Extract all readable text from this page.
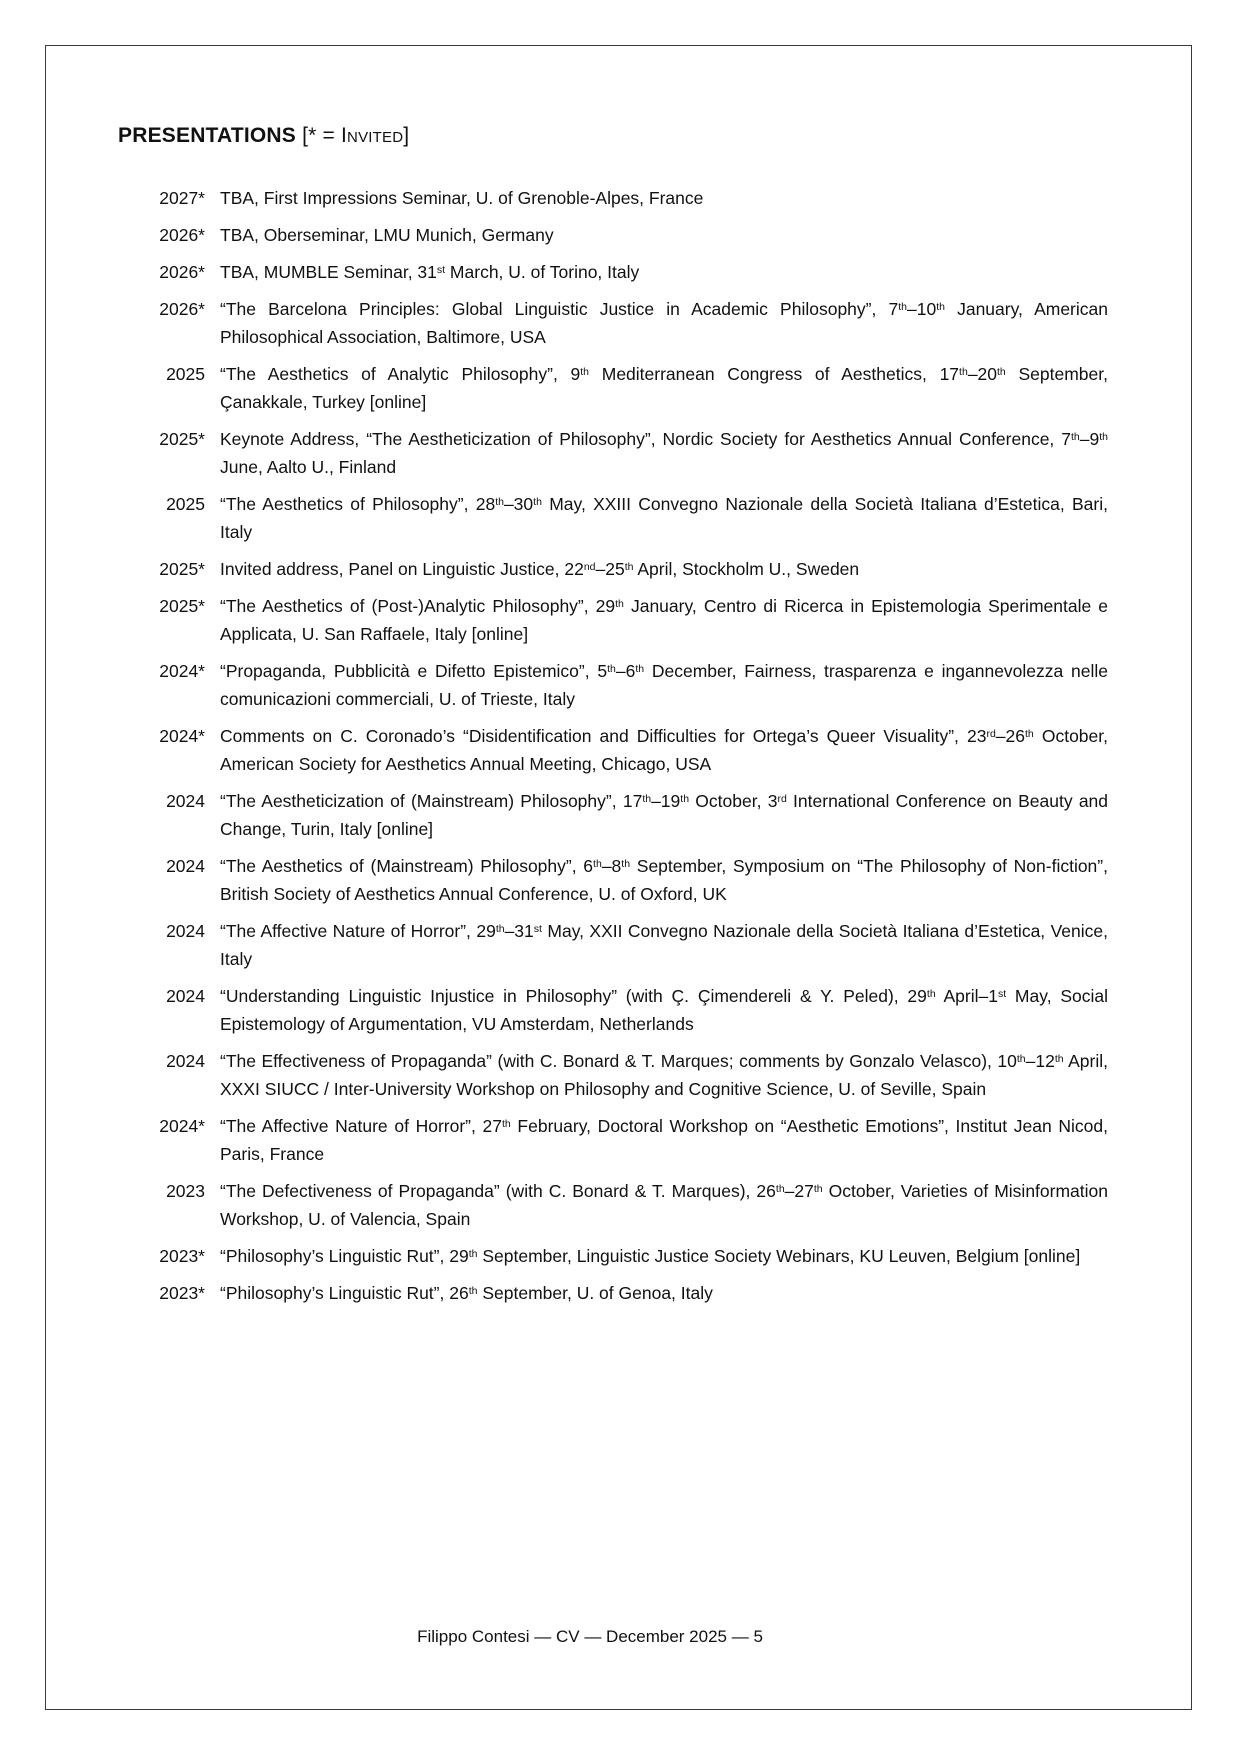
PRESENTATIONS [* = Invited]
2027* TBA, First Impressions Seminar, U. of Grenoble-Alpes, France
2026* TBA, Oberseminar, LMU Munich, Germany
2026* TBA, MUMBLE Seminar, 31st March, U. of Torino, Italy
2026* “The Barcelona Principles: Global Linguistic Justice in Academic Philosophy”, 7th–10th January, American Philosophical Association, Baltimore, USA
2025 “The Aesthetics of Analytic Philosophy”, 9th Mediterranean Congress of Aesthetics, 17th–20th September, Çanakkale, Turkey [online]
2025* Keynote Address, “The Aestheticization of Philosophy”, Nordic Society for Aesthetics Annual Conference, 7th–9th June, Aalto U., Finland
2025 “The Aesthetics of Philosophy”, 28th–30th May, XXIII Convegno Nazionale della Società Italiana d’Estetica, Bari, Italy
2025* Invited address, Panel on Linguistic Justice, 22nd–25th April, Stockholm U., Sweden
2025* “The Aesthetics of (Post-)Analytic Philosophy”, 29th January, Centro di Ricerca in Epistemologia Sperimentale e Applicata, U. San Raffaele, Italy [online]
2024* “Propaganda, Pubblicità e Difetto Epistemico”, 5th–6th December, Fairness, trasparenza e ingannevolezza nelle comunicazioni commerciali, U. of Trieste, Italy
2024* Comments on C. Coronado’s “Disidentification and Difficulties for Ortega’s Queer Visuality”, 23rd–26th October, American Society for Aesthetics Annual Meeting, Chicago, USA
2024 “The Aestheticization of (Mainstream) Philosophy”, 17th–19th October, 3rd International Conference on Beauty and Change, Turin, Italy [online]
2024 “The Aesthetics of (Mainstream) Philosophy”, 6th–8th September, Symposium on “The Philosophy of Non-fiction”, British Society of Aesthetics Annual Conference, U. of Oxford, UK
2024 “The Affective Nature of Horror”, 29th–31st May, XXII Convegno Nazionale della Società Italiana d’Estetica, Venice, Italy
2024 “Understanding Linguistic Injustice in Philosophy” (with Ç. Çimendereli & Y. Peled), 29th April–1st May, Social Epistemology of Argumentation, VU Amsterdam, Netherlands
2024 “The Effectiveness of Propaganda” (with C. Bonard & T. Marques; comments by Gonzalo Velasco), 10th–12th April, XXXI SIUCC / Inter-University Workshop on Philosophy and Cognitive Science, U. of Seville, Spain
2024* “The Affective Nature of Horror”, 27th February, Doctoral Workshop on “Aesthetic Emotions”, Institut Jean Nicod, Paris, France
2023 “The Defectiveness of Propaganda” (with C. Bonard & T. Marques), 26th–27th October, Varieties of Misinformation Workshop, U. of Valencia, Spain
2023* “Philosophy’s Linguistic Rut”, 29th September, Linguistic Justice Society Webinars, KU Leuven, Belgium [online]
2023* “Philosophy’s Linguistic Rut”, 26th September, U. of Genoa, Italy
Filippo Contesi — CV — December 2025 — 5
